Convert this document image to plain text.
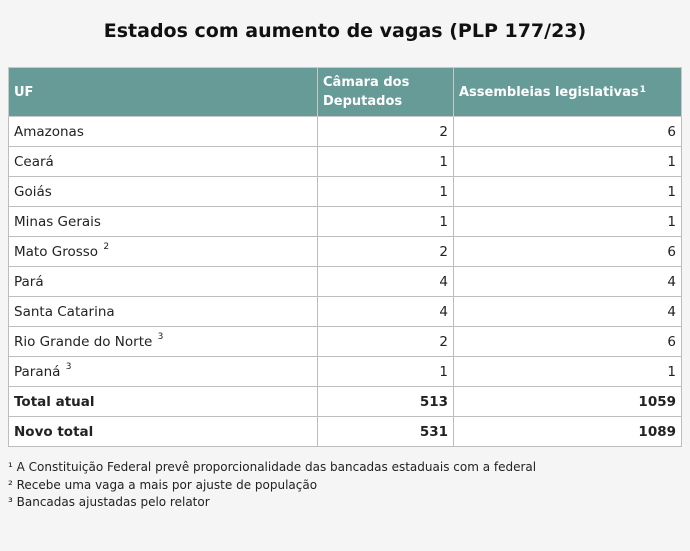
Estados com aumento de vagas (PLP 177/23)
UF	Câmara dos Deputados	Assembleias legislativas$^1$
Amazonas	2	6
Ceará	1	1
Goiás	1	1
Minas Gerais	1	1
Mato Grosso $^2$	2	6
Pará	4	4
Santa Catarina	4	4
Rio Grande do Norte $^3$	2	6
Paraná $^3$	1	1
Total atual	513	1059
Novo total	531	1089
¹ A Constituição Federal prevê proporcionalidade das bancadas estaduais com a federal
² Recebe uma vaga a mais por ajuste de população
³ Bancadas ajustadas pelo relator
